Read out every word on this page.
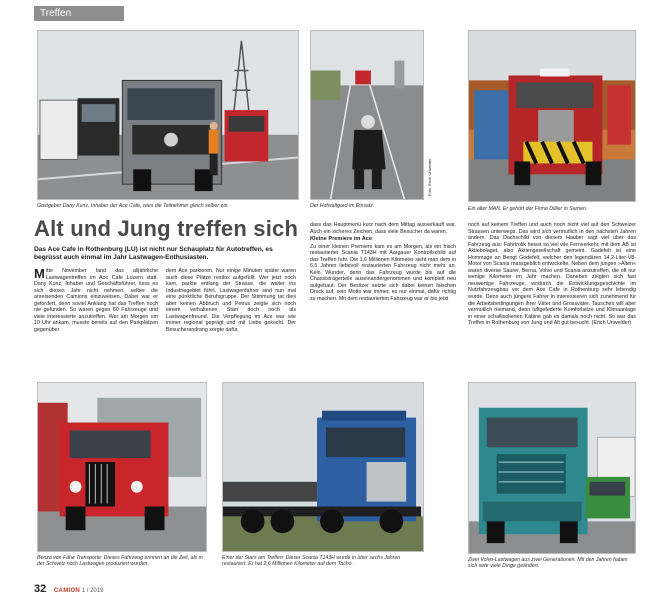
Treffen
Gastgeber Dany Kunz, Inhaber der Ace Cafe, wies die Teilnehmer gleich selber ein.
Foto: Erich Unweider
Der Hofwaltgard im Einsatz.	Ein alter MAN. Er gehört der Firma Dillier in Sarnen.
Alt und Jung treffen sich
Das Ace Cafe in Rothenburg (LU) ist nicht nur Schauplatz für Autotreffen, es begrüsst auch einmal im Jahr Lastwagen-Enthusiasten.
Mitte November fand das alljährliche Lastwagentreffen im Ace Cafe Luzern statt. Dany Kunz, Inhaber und Geschäftsführer, liess es sich dieses Jahr nicht nehmen, selber die anreisenden Camions einzuweisen. Dabei war er gefordert, denn soviel Anklang hat das Treffen noch nie gefunden. So waren gegen 60 Fahrzeuge und viele interessierte anzutreffen. Wer am Morgen um 10 Uhr ankam, musste bereits auf den Parkplätzen gegenüber
dem Ace parkieren. Nur einige Minuten später waren auch diese Plätze restlos aufgefüllt. Wer jetzt noch kam, parkte entlang der Strasse, die weiter ins Industriegebiet führt. Lastwagenfahrer sind nun mal eine pünktliche Berufsgruppe. Der Stimmung tat dies aber keinen Abbruch und Petrus zeigte sich noch einem verhaltenen Start doch noch als Lastwagenfreund. Die Verpflegung im Ace war wie immer regional geprägt und mit Liebe gekocht. Der Besucherandrang sorgte dafür,

dass das Hauptmenü kurz nach dem Mittag ausverkauft war. Auch ein sicheres Zeichen, dass viele Besucher da waren.

Kleine Premiere im Ace

Zu einer kleinen Premiere kam es am Morgen, als ein frisch restaurierter Scania T143H mit Aargauer Kontrollschild auf das Treffen fuhr. Die 1,6 Millionen Kilometer sieht man dem in 6,5 Jahren liebevoll restaurierten Fahrzeug nicht mehr an. Kein Wunder, denn das Fahrzeug wurde bis auf die Chassisträgerteile auseinandergenommen und komplett neu aufgebaut. Der Besitzer setzte sich dabei keinen falschen Druck auf, sein Motto war immer, es nur einmal, dafür richtig zu machen. Mit dem restaurierten Fahrzeug war er bis jetzt

noch auf keinem Treffen und auch noch nicht viel auf den Schweizer Strassen unterwegs. Das wird sich vermutlich in den nächsten Jahren ändern. Das Dachschild von diesem Hauber sagt viel über das Fahrzeug aus: Fahrtrolik heisst so viel wie Fernverkehr, mit dem AB ist Aktiebolaget, also Aktiengesellschaft gemeint. Gadefelt ist eine Hommage an Bengt Godefelt, welcher den legendären 14,2-Liter-V8-Motor von Scania massgeblich entwickelte. Neben dem jungen »Alten« waren diverse Saurer, Berna, Volvo und Scania anzutreffen, die oft nur wenige Kilometer im Jahr machen. Daneben zeigten sich fast neuwertige Fahrzeuge, wodurch die Entwicklungsgeschichte im Nutzfahrzeugbau vor dem Ace Cafe in Rothenburg sehr lebendig wurde. Denn auch jüngere Fahrer in interessieren sich zunehmend für die Arbeitsbedingungen ihrer Väter und Grossväter. Tauschen will aber vermutlich niemand, denn luftgefederte Komfortsitze und Klimaanlage in einer schallisolierten Kabine gab es damals noch nicht. So war das Treffen in Rothenburg von Jung und Alt gut besucht. (Erich Unweider)
Benza von Fähe Transporte: Dieses Fahrzeug erinnert an die Zeit, als in der Schweiz noch Lastwagen produziert wurden.
Einer der Stars am Treffen: Dieser Scania T143H wurde in über sechs Jahren restauriert. Er hat 2,6 Millionen Kilometer auf dem Tacho.
Zwei Volvo-Lastwagen aus zwei Generationen. Mit den Jahren haben sich sehr viele Dinge geändert.
32 CAMION 1 / 2019
